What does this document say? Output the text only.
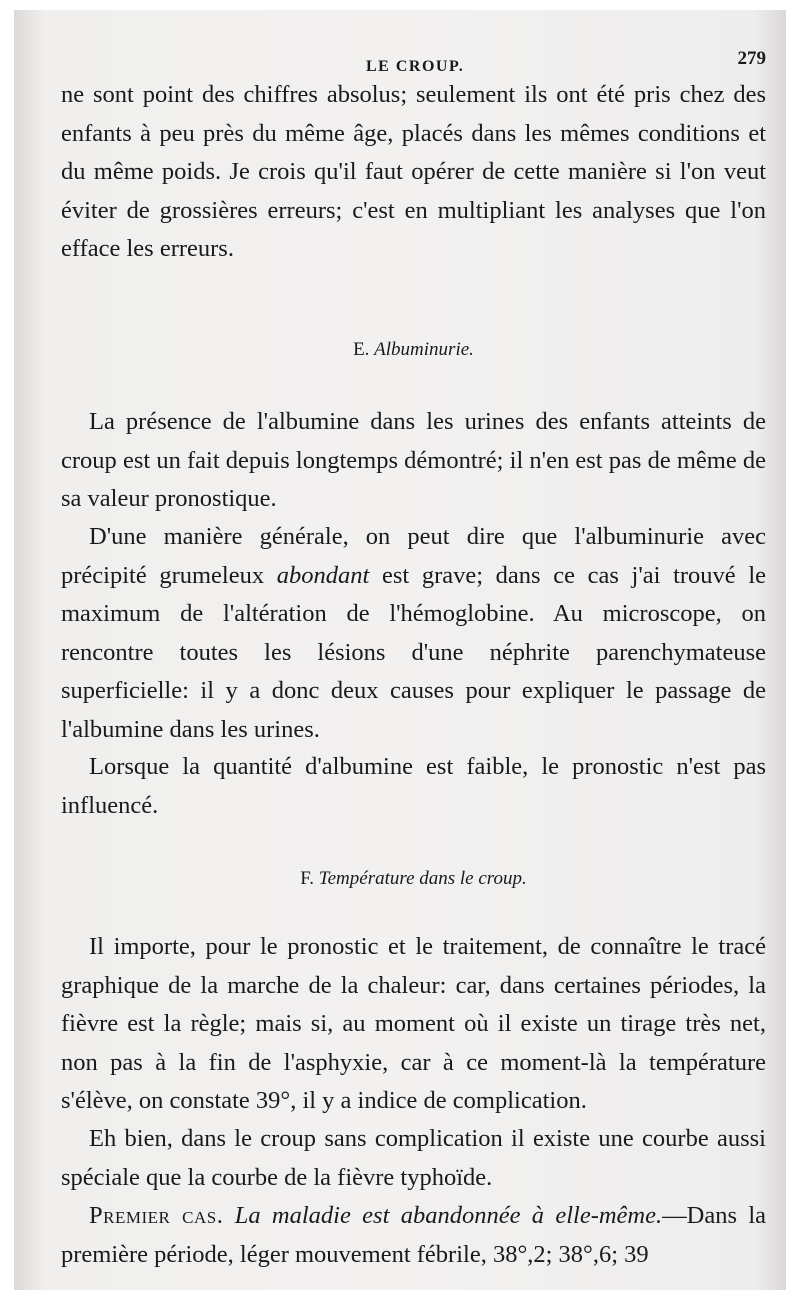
LE CROUP.	279

ne sont point des chiffres absolus; seulement ils ont été pris chez des enfants à peu près du même âge, placés dans les mêmes conditions et du même poids. Je crois qu'il faut opérer de cette manière si l'on veut éviter de grossières erreurs; c'est en multipliant les analyses que l'on efface les erreurs.

E. Albuminurie.

La présence de l'albumine dans les urines des enfants atteints de croup est un fait depuis longtemps démontré; il n'en est pas de même de sa valeur pronostique.

D'une manière générale, on peut dire que l'albuminurie avec précipité grumeleux abondant est grave; dans ce cas j'ai trouvé le maximum de l'altération de l'hémoglobine. Au microscope, on rencontre toutes les lésions d'une néphrite parenchymateuse superficielle: il y a donc deux causes pour expliquer le passage de l'albumine dans les urines.

Lorsque la quantité d'albumine est faible, le pronostic n'est pas influencé.

F. Température dans le croup.

Il importe, pour le pronostic et le traitement, de connaître le tracé graphique de la marche de la chaleur: car, dans certaines périodes, la fièvre est la règle; mais si, au moment où il existe un tirage très net, non pas à la fin de l'asphyxie, car à ce moment-là la température s'élève, on constate 39°, il y a indice de complication.

Eh bien, dans le croup sans complication il existe une courbe aussi spéciale que la courbe de la fièvre typhoïde.

Premier cas. La maladie est abandonnée à elle-même.—Dans la première période, léger mouvement fébrile, 38°,2; 38°,6; 39
